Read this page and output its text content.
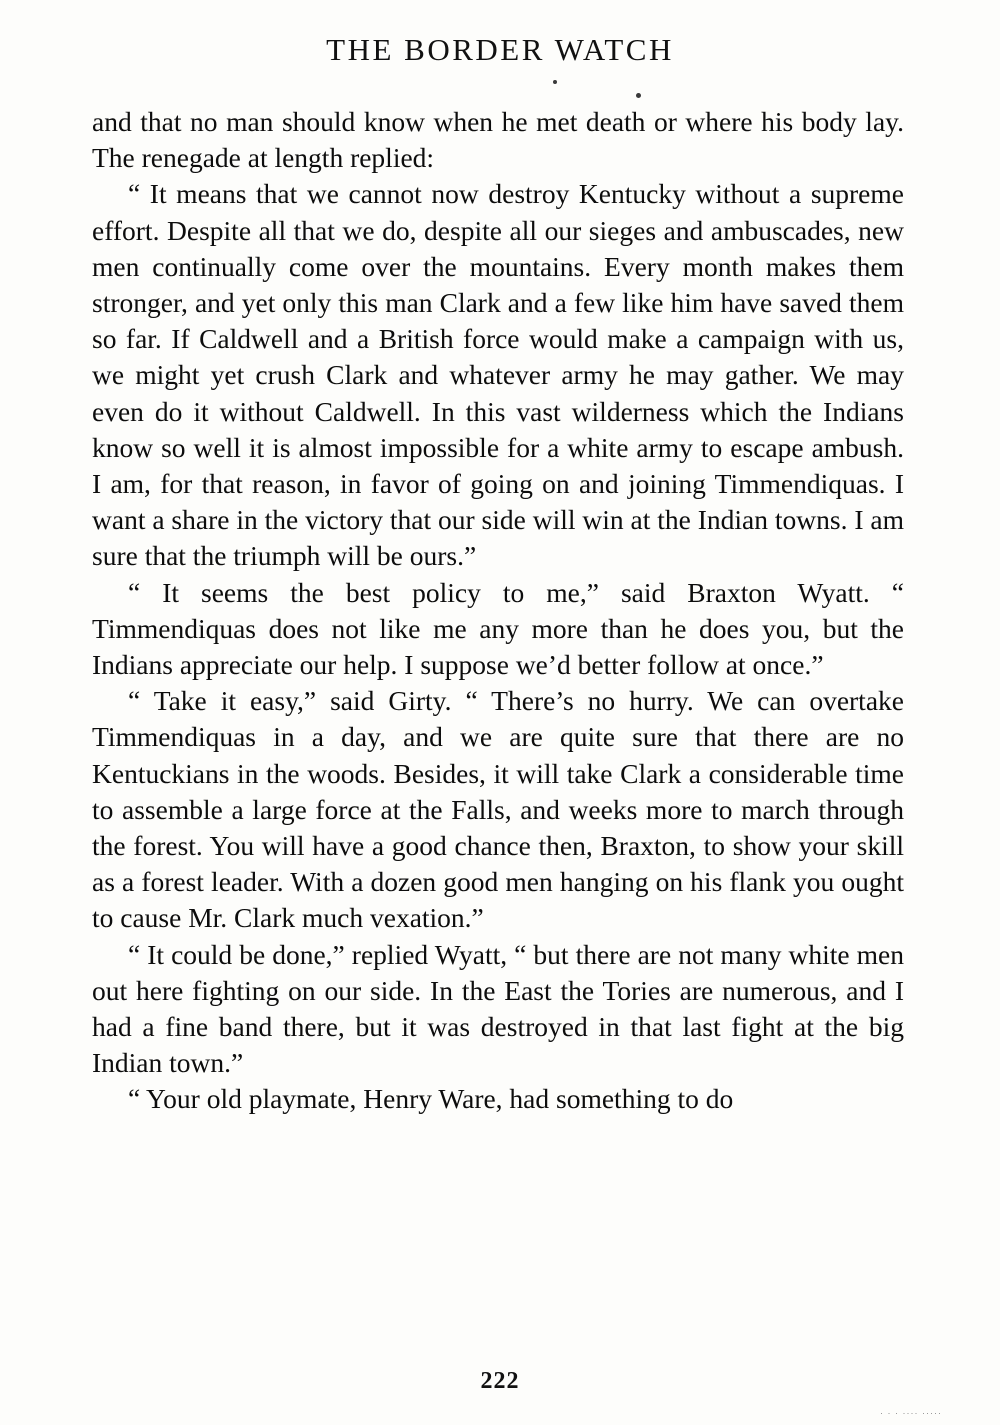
THE BORDER WATCH

and that no man should know when he met death or where his body lay. The renegade at length replied:

“ It means that we cannot now destroy Kentucky without a supreme effort. Despite all that we do, despite all our sieges and ambuscades, new men continually come over the mountains. Every month makes them stronger, and yet only this man Clark and a few like him have saved them so far. If Caldwell and a British force would make a campaign with us, we might yet crush Clark and whatever army he may gather. We may even do it without Caldwell. In this vast wilderness which the Indians know so well it is almost impossible for a white army to escape ambush. I am, for that reason, in favor of going on and joining Timmendiquas. I want a share in the victory that our side will win at the Indian towns. I am sure that the triumph will be ours.”

“ It seems the best policy to me,” said Braxton Wyatt. “ Timmendiquas does not like me any more than he does you, but the Indians appreciate our help. I suppose we’d better follow at once.”

“ Take it easy,” said Girty. “ There’s no hurry. We can overtake Timmendiquas in a day, and we are quite sure that there are no Kentuckians in the woods. Besides, it will take Clark a considerable time to assemble a large force at the Falls, and weeks more to march through the forest. You will have a good chance then, Braxton, to show your skill as a forest leader. With a dozen good men hanging on his flank you ought to cause Mr. Clark much vexation.”

“ It could be done,” replied Wyatt, “ but there are not many white men out here fighting on our side. In the East the Tories are numerous, and I had a fine band there, but it was destroyed in that last fight at the big Indian town.”

“ Your old playmate, Henry Ware, had something to do

222
· · · ···· ·····
